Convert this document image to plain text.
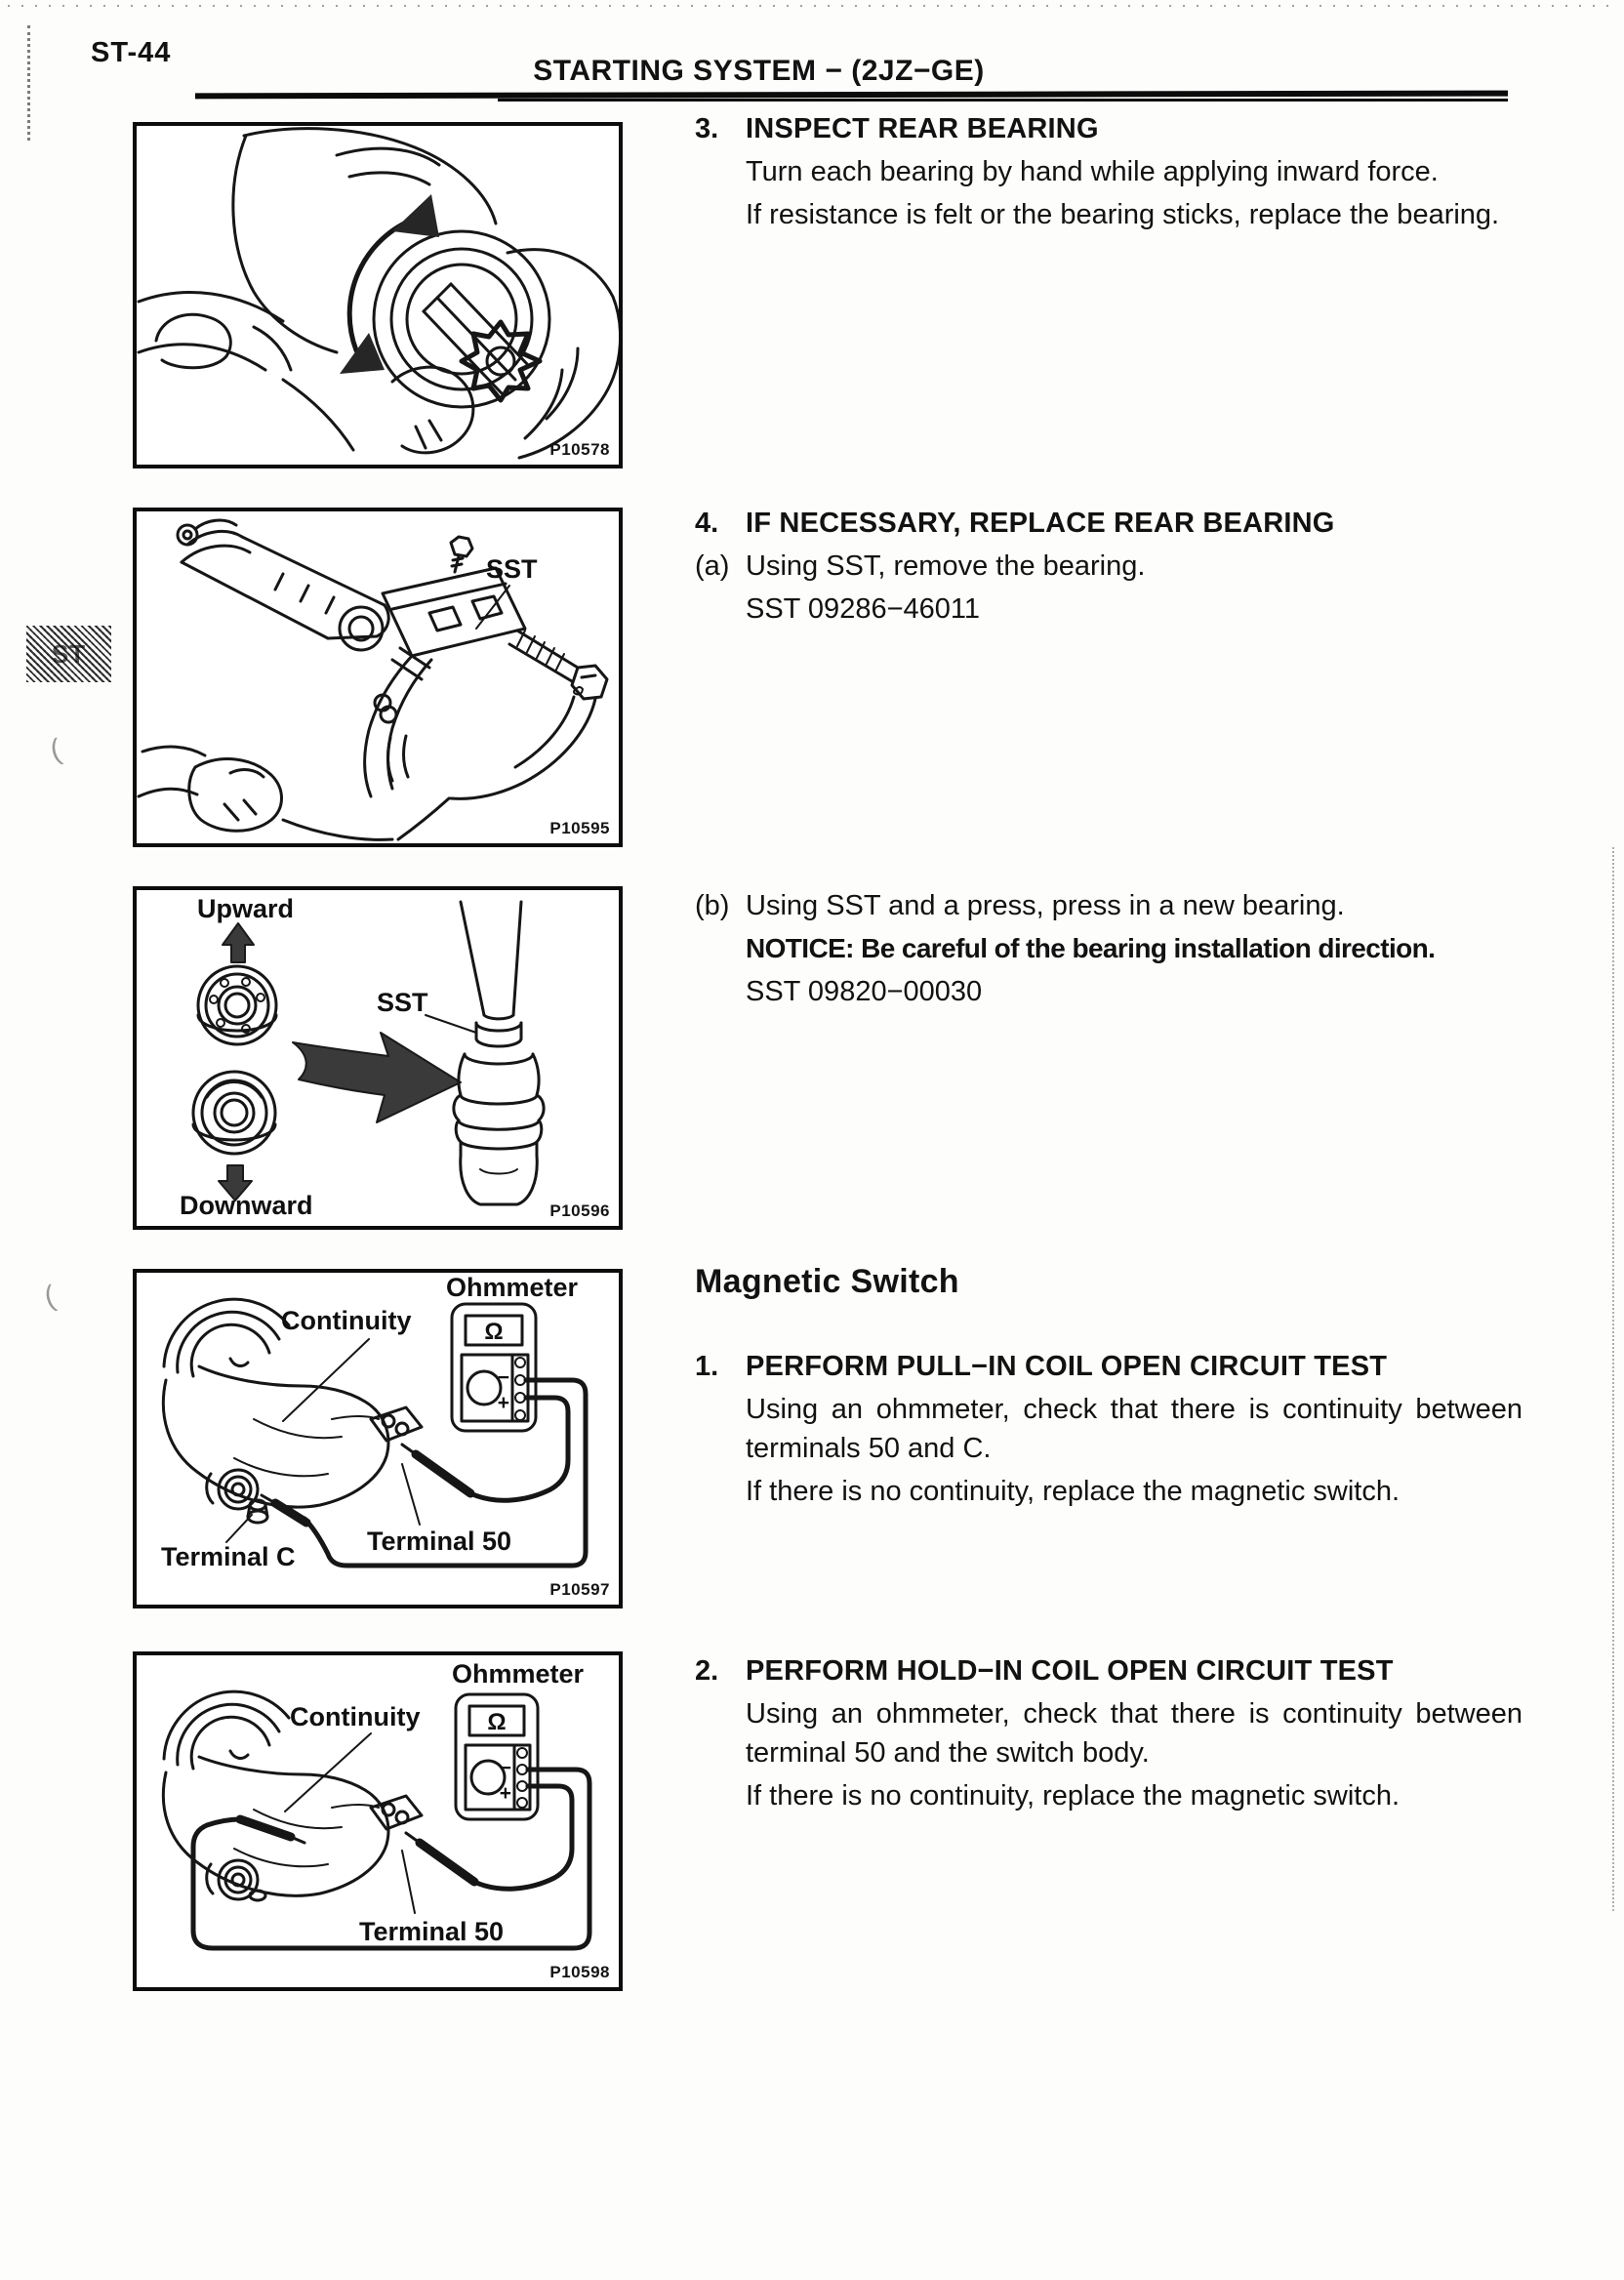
(
(
ST-44
STARTING SYSTEM − (2JZ−GE)
ST
P10578
SST
P10595
Upward
Downward
SST
P10596
Ω
−
+
Ohmmeter
Continuity
Terminal 50
Terminal C
P10597
Ω
−
+
Ohmmeter
Continuity
Terminal 50
P10598
3. INSPECT REAR BEARING

Turn each bearing by hand while applying inward force.

If resistance is felt or the bearing sticks, replace the bearing.

4. IF NECESSARY, REPLACE REAR BEARING
(a) Using SST, remove the bearing.

SST 09286−46011

(b) Using SST and a press, press in a new bearing.

NOTICE: Be careful of the bearing installation direction.

SST 09820−00030

Magnetic Switch
1. PERFORM PULL−IN COIL OPEN CIRCUIT TEST

Using an ohmmeter, check that there is continuity between terminals 50 and C.

If there is no continuity, replace the magnetic switch.

2. PERFORM HOLD−IN COIL OPEN CIRCUIT TEST

Using an ohmmeter, check that there is continuity between terminal 50 and the switch body.

If there is no continuity, replace the magnetic switch.
